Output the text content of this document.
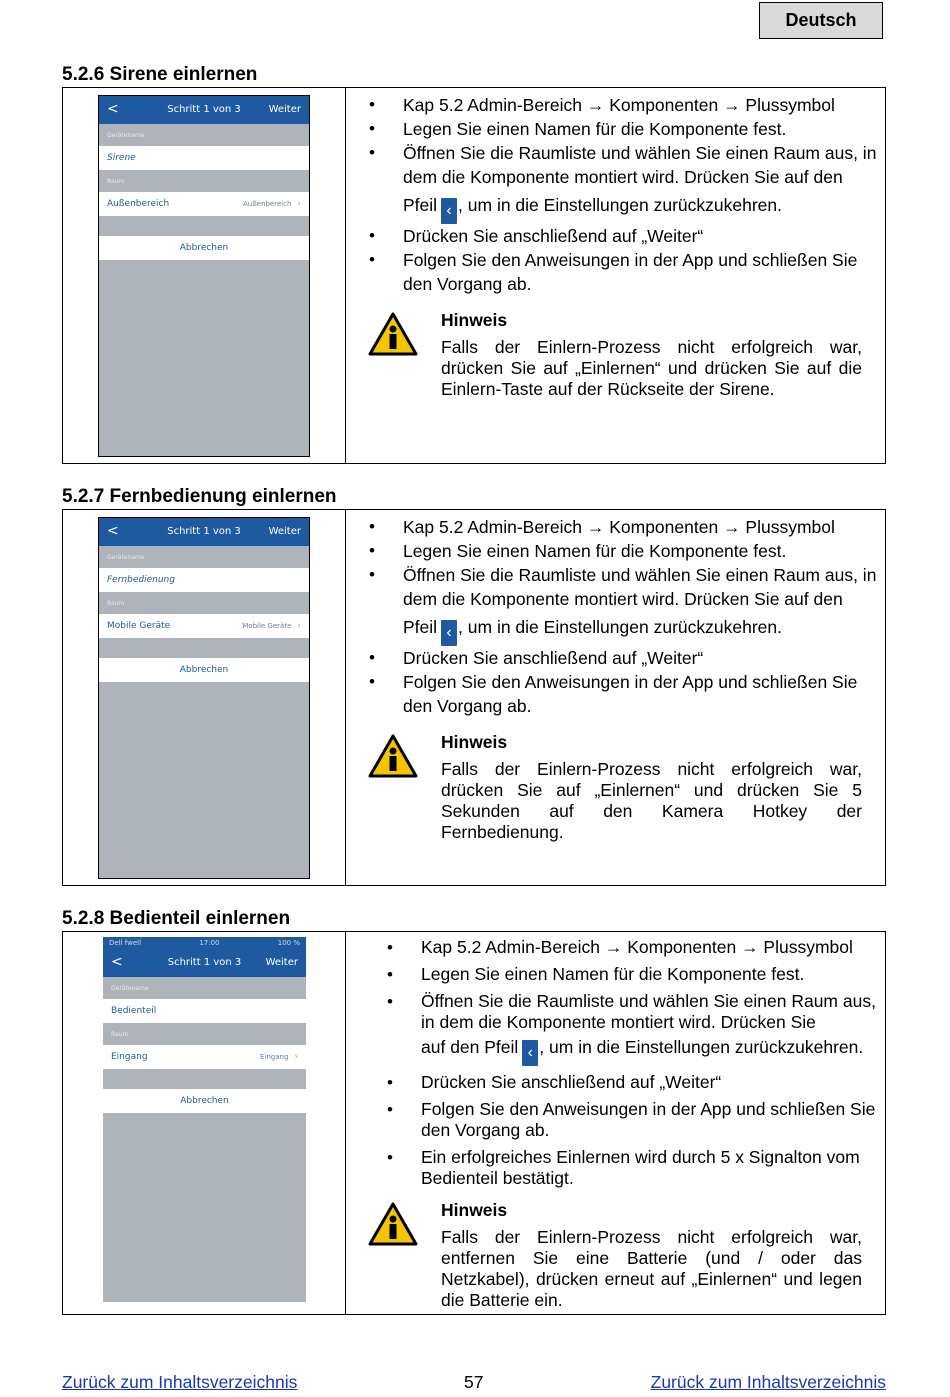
Deutsch
5.2.6 Sirene einlernen
<	Schritt 1 von 3	Weiter
Gerätename
Sirene
Raum
Außenbereich	Außenbereich ›
Abbrechen
• Kap 5.2 Admin-Bereich → Komponenten → Plussymbol
• Legen Sie einen Namen für die Komponente fest.
• Öffnen Sie die Raumliste und wählen Sie einen Raum aus, in dem die Komponente montiert wird. Drücken Sie auf den
Pfeil ‹ , um in die Einstellungen zurückzukehren.
• Drücken Sie anschließend auf „Weiter“
• Folgen Sie den Anweisungen in der App und schließen Sie den Vorgang ab.
Hinweis
Falls der Einlern-Prozess nicht erfolgreich war, drücken Sie auf „Einlernen“ und drücken Sie auf die Einlern-Taste auf der Rückseite der Sirene.
5.2.7 Fernbedienung einlernen
<	Schritt 1 von 3	Weiter
Gerätename
Fernbedienung
Raum
Mobile Geräte	Mobile Geräte ›
Abbrechen
• Kap 5.2 Admin-Bereich → Komponenten → Plussymbol
• Legen Sie einen Namen für die Komponente fest.
• Öffnen Sie die Raumliste und wählen Sie einen Raum aus, in dem die Komponente montiert wird. Drücken Sie auf den
Pfeil ‹ , um in die Einstellungen zurückzukehren.
• Drücken Sie anschließend auf „Weiter“
• Folgen Sie den Anweisungen in der App und schließen Sie den Vorgang ab.
Hinweis
Falls der Einlern-Prozess nicht erfolgreich war, drücken Sie auf „Einlernen“ und drücken Sie 5 Sekunden auf den Kamera Hotkey der Fernbedienung.
5.2.8 Bedienteil einlernen
Dell fwell	17:00	100 %
<	Schritt 1 von 3	Weiter
Gerätename
Bedienteil
Raum
Eingang	Eingang ›
Abbrechen
• Kap 5.2 Admin-Bereich → Komponenten → Plussymbol
• Legen Sie einen Namen für die Komponente fest.
• Öffnen Sie die Raumliste und wählen Sie einen Raum aus, in dem die Komponente montiert wird. Drücken Sie
auf den Pfeil ‹ , um in die Einstellungen zurückzukehren.
• Drücken Sie anschließend auf „Weiter“
• Folgen Sie den Anweisungen in der App und schließen Sie den Vorgang ab.
• Ein erfolgreiches Einlernen wird durch 5 x Signalton vom Bedienteil bestätigt.
Hinweis
Falls der Einlern-Prozess nicht erfolgreich war, entfernen Sie eine Batterie (und / oder das Netzkabel), drücken erneut auf „Einlernen“ und legen die Batterie ein.
Zurück zum Inhaltsverzeichnis	57	Zurück zum Inhaltsverzeichnis
